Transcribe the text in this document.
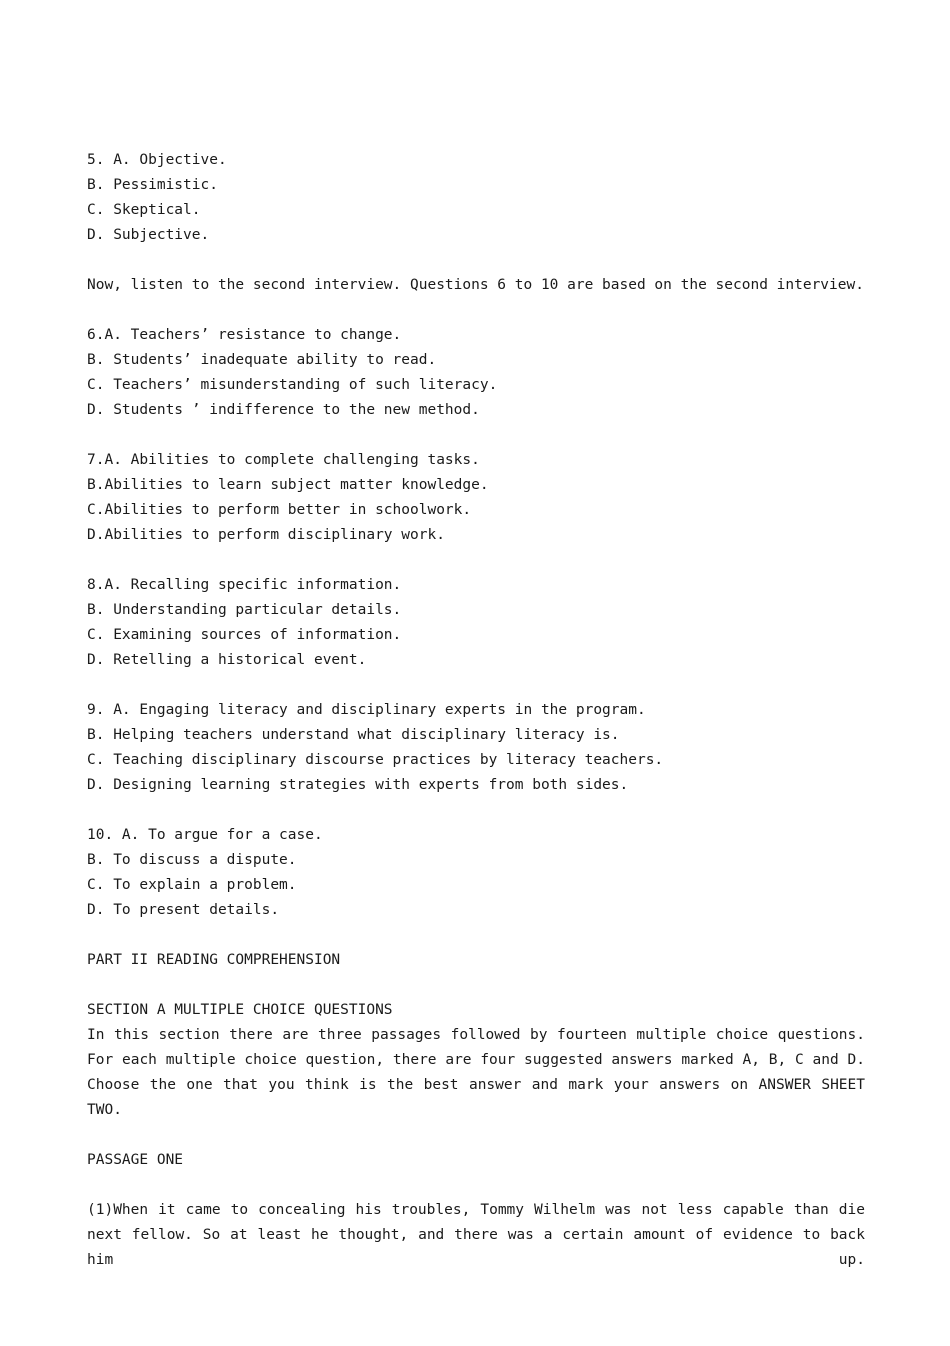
5. A. Objective.
B. Pessimistic.
C. Skeptical.
D. Subjective.
Now, listen to the second interview. Questions 6 to 10 are based on the second interview.
6.A. Teachers’ resistance to change.
B. Students’ inadequate ability to read.
C. Teachers’ misunderstanding of such literacy.
D. Students ’ indifference to the new method.
7.A. Abilities to complete challenging tasks.
B.Abilities to learn subject matter knowledge.
C.Abilities to perform better in schoolwork.
D.Abilities to perform disciplinary work.
8.A. Recalling specific information.
B. Understanding particular details.
C. Examining sources of information.
D. Retelling a historical event.
9. A. Engaging literacy and disciplinary experts in the program.
B. Helping teachers understand what disciplinary literacy is.
C. Teaching disciplinary discourse practices by literacy teachers.
D. Designing learning strategies with experts from both sides.
10. A. To argue for a case.
B. To discuss a dispute.
C. To explain a problem.
D. To present details.
PART II READING COMPREHENSION
SECTION A MULTIPLE CHOICE QUESTIONS

In this section there are three passages followed by fourteen multiple choice questions. For each multiple choice question, there are four suggested answers marked A, B, C and D. Choose the one that you think is the best answer and mark your answers on ANSWER SHEET TWO.

PASSAGE ONE

(1)When it came to concealing his troubles, Tommy Wilhelm was not less capable than die next fellow. So at least he thought, and there was a certain amount of evidence to back him up.
